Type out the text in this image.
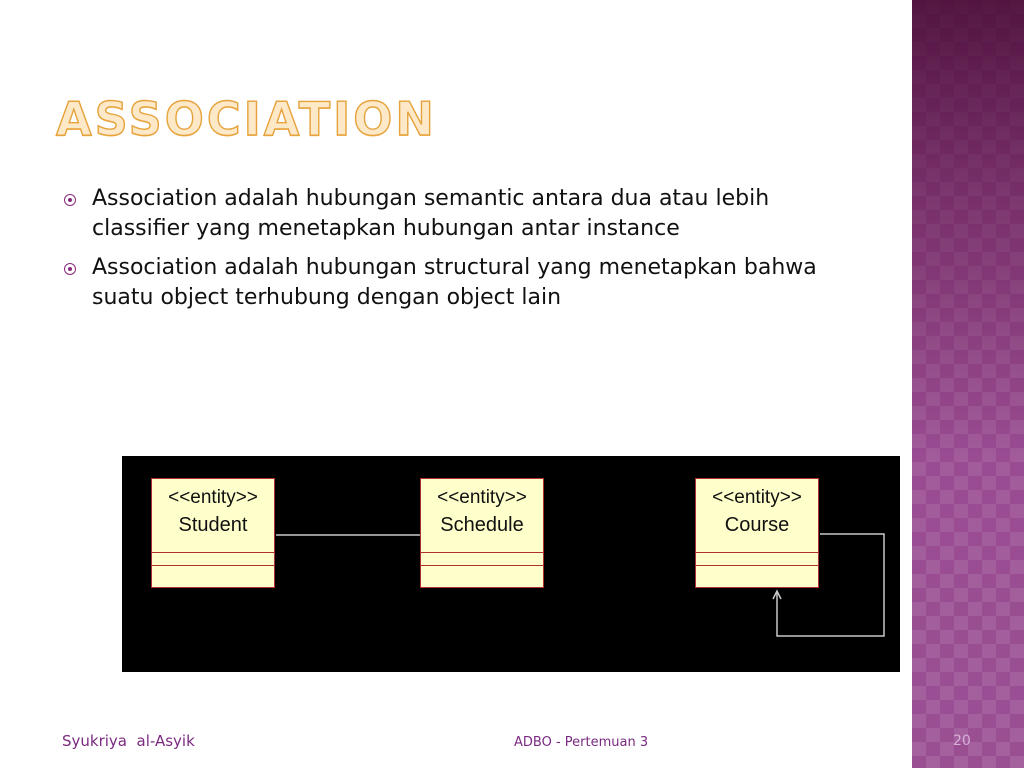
ASSOCIATION
Association adalah hubungan semantic antara dua atau lebih
classifier yang menetapkan hubungan antar instance
Association adalah hubungan structural yang menetapkan bahwa
suatu object terhubung dengan object lain
<<entity>>
Student
<<entity>>
Schedule
<<entity>>
Course
Syukriya  al-Asyik	ADBO - Pertemuan 3	20
